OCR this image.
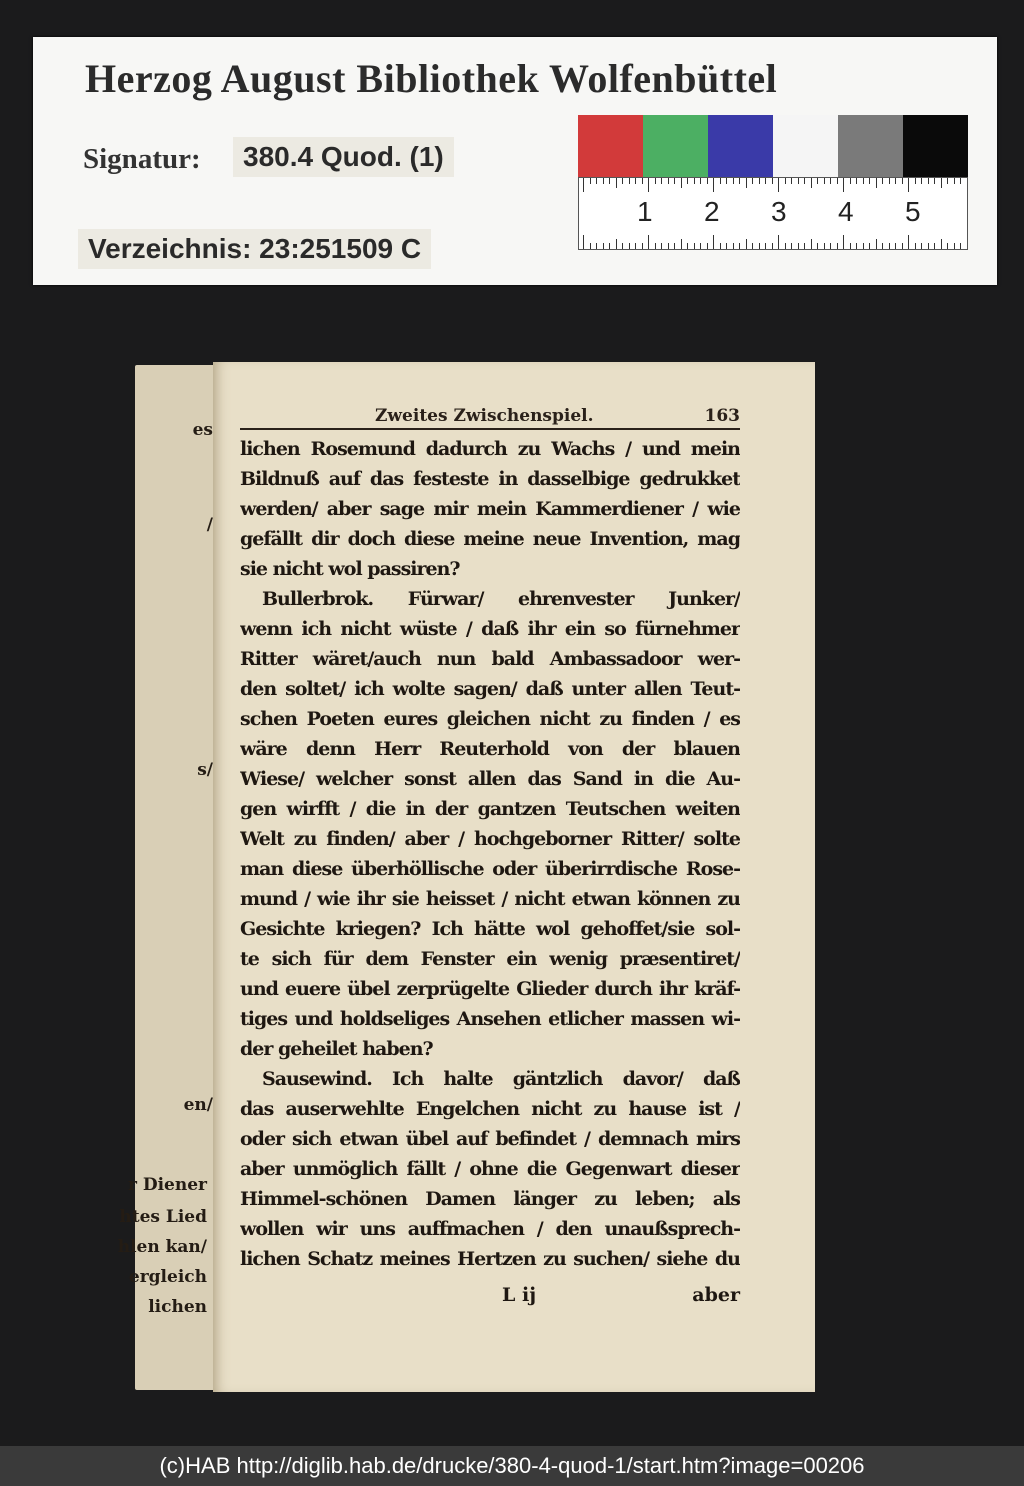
Herzog August Bibliothek Wolfenbüttel
Signatur:	380.4 Quod. (1)
Verzeichnis: 23:251509 C
1 2 3 4 5
es
/
s/
en/
r Diener
htes Lied
hlen kan/
ergleich
lichen
Zweites Zwischenspiel.	163
lichen Rosemund dadurch zu Wachs / und mein
Bildnuß auf das festeste in dasselbige gedrukket
werden/ aber sage mir mein Kammerdiener / wie
gefällt dir doch diese meine neue Invention, mag
sie nicht wol passiren?
Bullerbrok. Fürwar/ ehrenvester Junker/
wenn ich nicht wüste / daß ihr ein so fürnehmer
Ritter wäret/auch nun bald Ambassadoor wer-
den soltet/ ich wolte sagen/ daß unter allen Teut-
schen Poeten eures gleichen nicht zu finden / es
wäre denn Herr Reuterhold von der blauen
Wiese/ welcher sonst allen das Sand in die Au-
gen wirfft / die in der gantzen Teutschen weiten
Welt zu finden/ aber / hochgeborner Ritter/ solte
man diese überhöllische oder überirrdische Rose-
mund / wie ihr sie heisset / nicht etwan können zu
Gesichte kriegen? Ich hätte wol gehoffet/sie sol-
te sich für dem Fenster ein wenig præsentiret/
und euere übel zerprügelte Glieder durch ihr kräf-
tiges und holdseliges Ansehen etlicher massen wi-
der geheilet haben?
Sausewind. Ich halte gäntzlich davor/ daß
das auserwehlte Engelchen nicht zu hause ist /
oder sich etwan übel auf befindet / demnach mirs
aber unmöglich fällt / ohne die Gegenwart dieser
Himmel-schönen Damen länger zu leben; als
wollen wir uns auffmachen / den unaußsprech-
lichen Schatz meines Hertzen zu suchen/ siehe du
L ij	aber
(c)HAB http://diglib.hab.de/drucke/380-4-quod-1/start.htm?image=00206
